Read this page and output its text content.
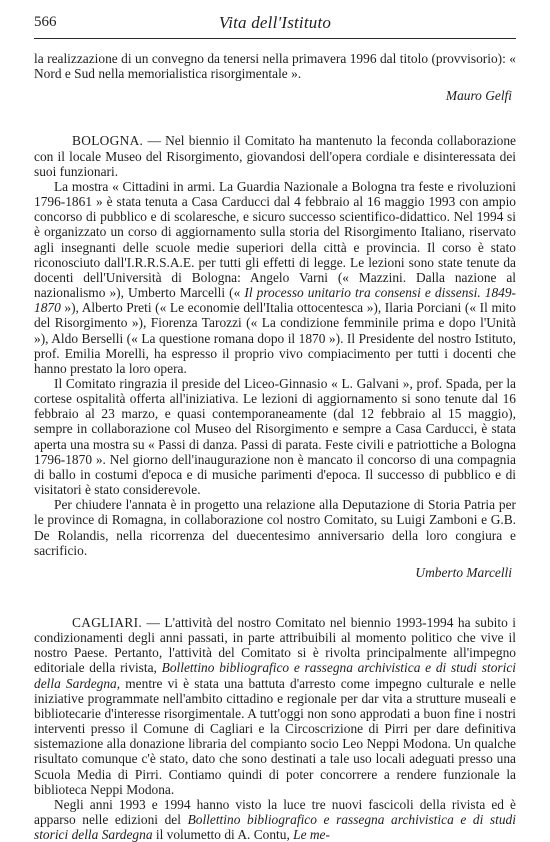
566	Vita dell'Istituto

la realizzazione di un convegno da tenersi nella primavera 1996 dal titolo (provvisorio): « Nord e Sud nella memorialistica risorgimentale ».

Mauro Gelfi

BOLOGNA. — Nel biennio il Comitato ha mantenuto la feconda collaborazione con il locale Museo del Risorgimento, giovandosi dell'opera cordiale e disinteressata dei suoi funzionari.

La mostra « Cittadini in armi. La Guardia Nazionale a Bologna tra feste e rivoluzioni 1796-1861 » è stata tenuta a Casa Carducci dal 4 febbraio al 16 maggio 1993 con ampio concorso di pubblico e di scolaresche, e sicuro successo scientifico-didattico. Nel 1994 si è organizzato un corso di aggiornamento sulla storia del Risorgimento Italiano, riservato agli insegnanti delle scuole medie superiori della città e provincia. Il corso è stato riconosciuto dall'I.R.R.S.A.E. per tutti gli effetti di legge. Le lezioni sono state tenute da docenti dell'Università di Bologna: Angelo Varni (« Mazzini. Dalla nazione al nazionalismo »), Umberto Marcelli (« Il processo unitario tra consensi e dissensi. 1849-1870 »), Alberto Preti (« Le economie dell'Italia ottocentesca »), Ilaria Porciani (« Il mito del Risorgimento »), Fiorenza Tarozzi (« La condizione femminile prima e dopo l'Unità »), Aldo Berselli (« La questione romana dopo il 1870 »). Il Presidente del nostro Istituto, prof. Emilia Morelli, ha espresso il proprio vivo compiacimento per tutti i docenti che hanno prestato la loro opera.

Il Comitato ringrazia il preside del Liceo-Ginnasio « L. Galvani », prof. Spada, per la cortese ospitalità offerta all'iniziativa. Le lezioni di aggiornamento si sono tenute dal 16 febbraio al 23 marzo, e quasi contemporaneamente (dal 12 febbraio al 15 maggio), sempre in collaborazione col Museo del Risorgimento e sempre a Casa Carducci, è stata aperta una mostra su « Passi di danza. Passi di parata. Feste civili e patriottiche a Bologna 1796-1870 ». Nel giorno dell'inaugurazione non è mancato il concorso di una compagnia di ballo in costumi d'epoca e di musiche parimenti d'epoca. Il successo di pubblico e di visitatori è stato considerevole.

Per chiudere l'annata è in progetto una relazione alla Deputazione di Storia Patria per le province di Romagna, in collaborazione col nostro Comitato, su Luigi Zamboni e G.B. De Rolandis, nella ricorrenza del duecentesimo anniversario della loro congiura e sacrificio.

Umberto Marcelli

CAGLIARI. — L'attività del nostro Comitato nel biennio 1993-1994 ha subito i condizionamenti degli anni passati, in parte attribuibili al momento politico che vive il nostro Paese. Pertanto, l'attività del Comitato si è rivolta principalmente all'impegno editoriale della rivista, Bollettino bibliografico e rassegna archivistica e di studi storici della Sardegna, mentre vi è stata una battuta d'arresto come impegno culturale e nelle iniziative programmate nell'ambito cittadino e regionale per dar vita a strutture museali e bibliotecarie d'interesse risorgimentale. A tutt'oggi non sono approdati a buon fine i nostri interventi presso il Comune di Cagliari e la Circoscrizione di Pirri per dare definitiva sistemazione alla donazione libraria del compianto socio Leo Neppi Modona. Un qualche risultato comunque c'è stato, dato che sono destinati a tale uso locali adeguati presso una Scuola Media di Pirri. Contiamo quindi di poter concorrere a rendere funzionale la biblioteca Neppi Modona.

Negli anni 1993 e 1994 hanno visto la luce tre nuovi fascicoli della rivista ed è apparso nelle edizioni del Bollettino bibliografico e rassegna archivistica e di studi storici della Sardegna il volumetto di A. Contu, Le me-
